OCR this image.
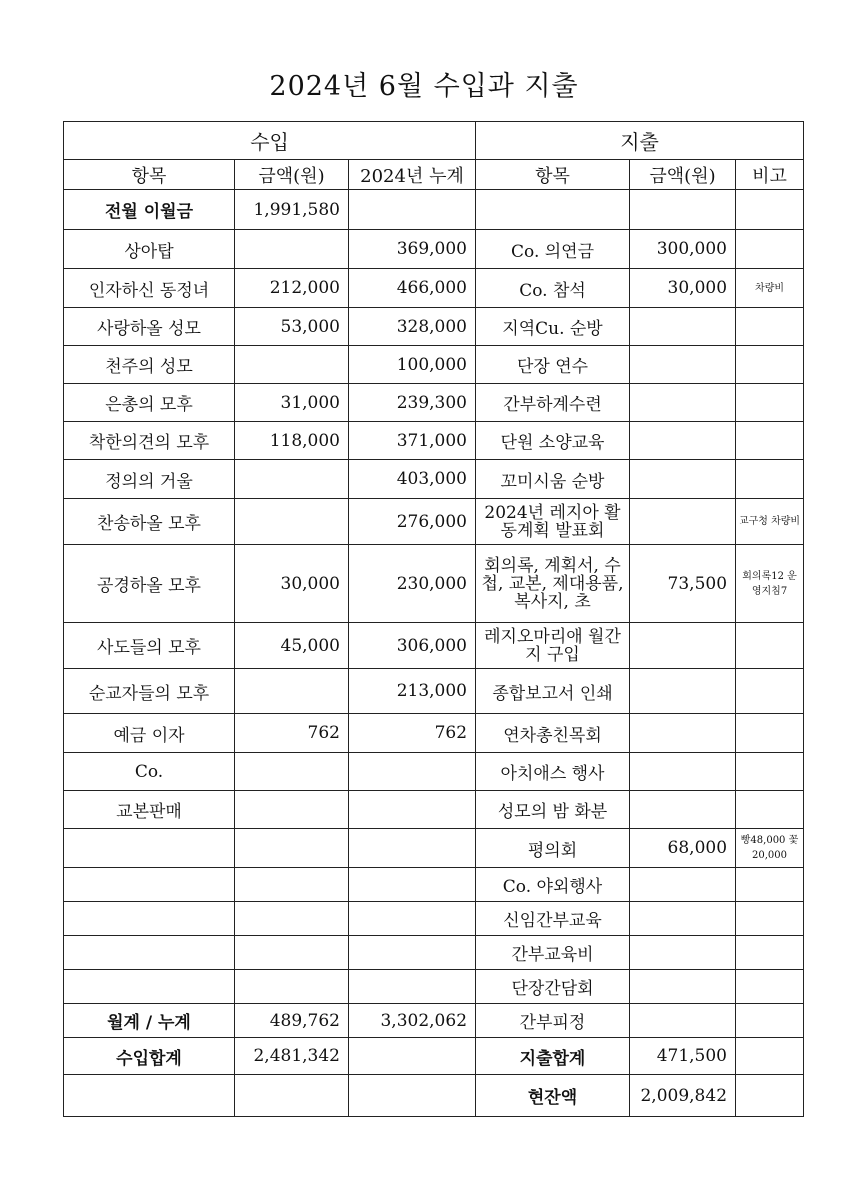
2024년 6월 수입과 지출
수입			지출		
항목	금액(원)	2024년 누계	항목	금액(원)	비고
전월 이월금	1,991,580				
상아탑		369,000	Co. 의연금	300,000	
인자하신 동정녀	212,000	466,000	Co. 참석	30,000	차량비
사랑하올 성모	53,000	328,000	지역Cu. 순방		
천주의 성모		100,000	단장 연수		
은총의 모후	31,000	239,300	간부하계수련		
착한의견의 모후	118,000	371,000	단원 소양교육		
정의의 거울		403,000	꼬미시움 순방		
찬송하올 모후		276,000	2024년 레지아 활동계획 발표회		교구청 차량비
공경하올 모후	30,000	230,000	회의록, 계획서, 수첩, 교본, 제대용품, 복사지, 초	73,500	회의록12 운영지침7
사도들의 모후	45,000	306,000	레지오마리애 월간지 구입		
순교자들의 모후		213,000	종합보고서 인쇄		
예금 이자	762	762	연차총친목회		
Co.			아치애스 행사		
교본판매			성모의 밤 화분		
			평의회	68,000	빵48,000 꽃20,000
			Co. 야외행사		
			신임간부교육		
			간부교육비		
			단장간담회		
월계 / 누계	489,762	3,302,062	간부피정		
수입합계	2,481,342		지출합계	471,500	
			현잔액	2,009,842	
